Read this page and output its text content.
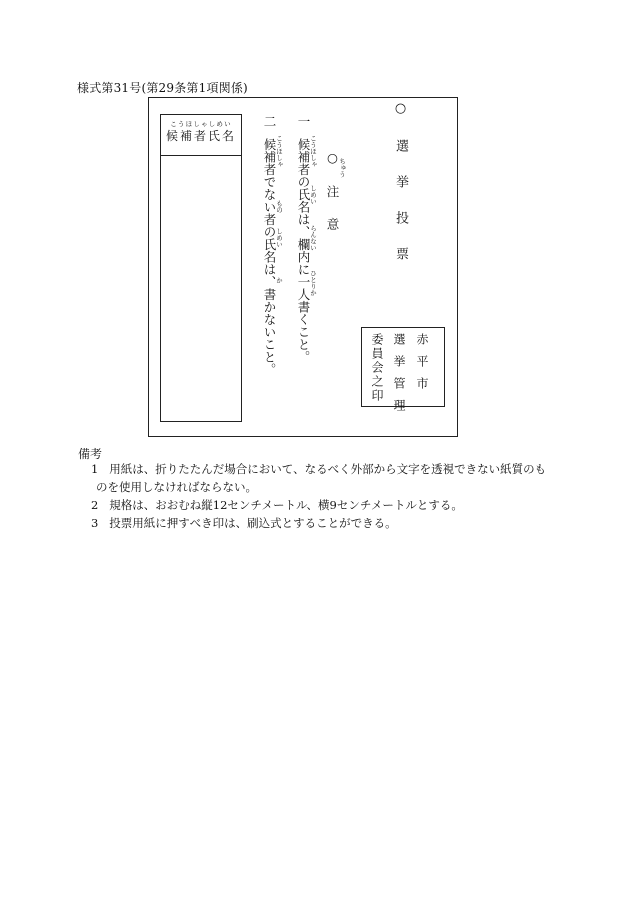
様式第31号(第29条第1項関係)
こうほしゃしめい
候補者氏名	○選挙投票
○注意
ちゅう
一
候補者の氏名は、欄内に一人書くこと。
こうほしゃ
しめい
らんない
ひとりか
二
候補者でない者の氏名は、書かないこと。
こうほしゃ
もの
しめい
か
赤平市
選挙管理
委員会之印
備考
1 用紙は、折りたたんだ場合において、なるべく外部から文字を透視できない紙質のも
のを使用しなければならない。
2 規格は、おおむね縦12センチメートル、横9センチメートルとする。
3 投票用紙に押すべき印は、刷込式とすることができる。
